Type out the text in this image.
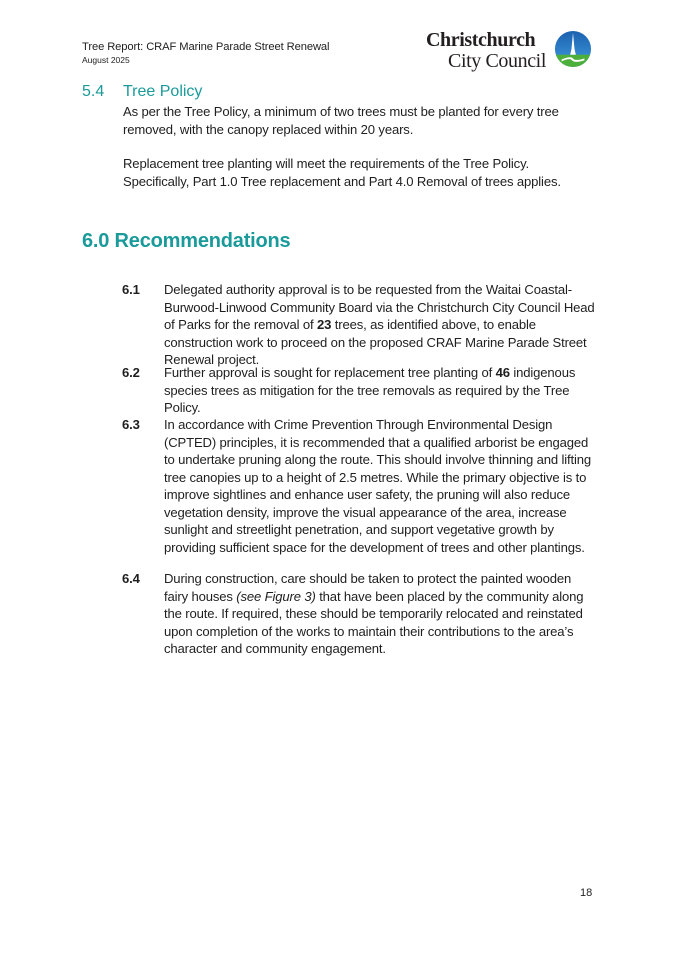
Tree Report: CRAF Marine Parade Street Renewal
August 2025
Christchurch
City Council
5.4 Tree Policy
As per the Tree Policy, a minimum of two trees must be planted for every tree removed, with the canopy replaced within 20 years.
Replacement tree planting will meet the requirements of the Tree Policy. Specifically, Part 1.0 Tree replacement and Part 4.0 Removal of trees applies.
6.0 Recommendations
6.1 Delegated authority approval is to be requested from the Waitai Coastal-Burwood-Linwood Community Board via the Christchurch City Council Head of Parks for the removal of 23 trees, as identified above, to enable construction work to proceed on the proposed CRAF Marine Parade Street Renewal project.
6.2 Further approval is sought for replacement tree planting of 46 indigenous species trees as mitigation for the tree removals as required by the Tree Policy.
6.3 In accordance with Crime Prevention Through Environmental Design (CPTED) principles, it is recommended that a qualified arborist be engaged to undertake pruning along the route. This should involve thinning and lifting tree canopies up to a height of 2.5 metres. While the primary objective is to improve sightlines and enhance user safety, the pruning will also reduce vegetation density, improve the visual appearance of the area, increase sunlight and streetlight penetration, and support vegetative growth by providing sufficient space for the development of trees and other plantings.
6.4 During construction, care should be taken to protect the painted wooden fairy houses (see Figure 3) that have been placed by the community along the route. If required, these should be temporarily relocated and reinstated upon completion of the works to maintain their contributions to the area’s character and community engagement.
18
